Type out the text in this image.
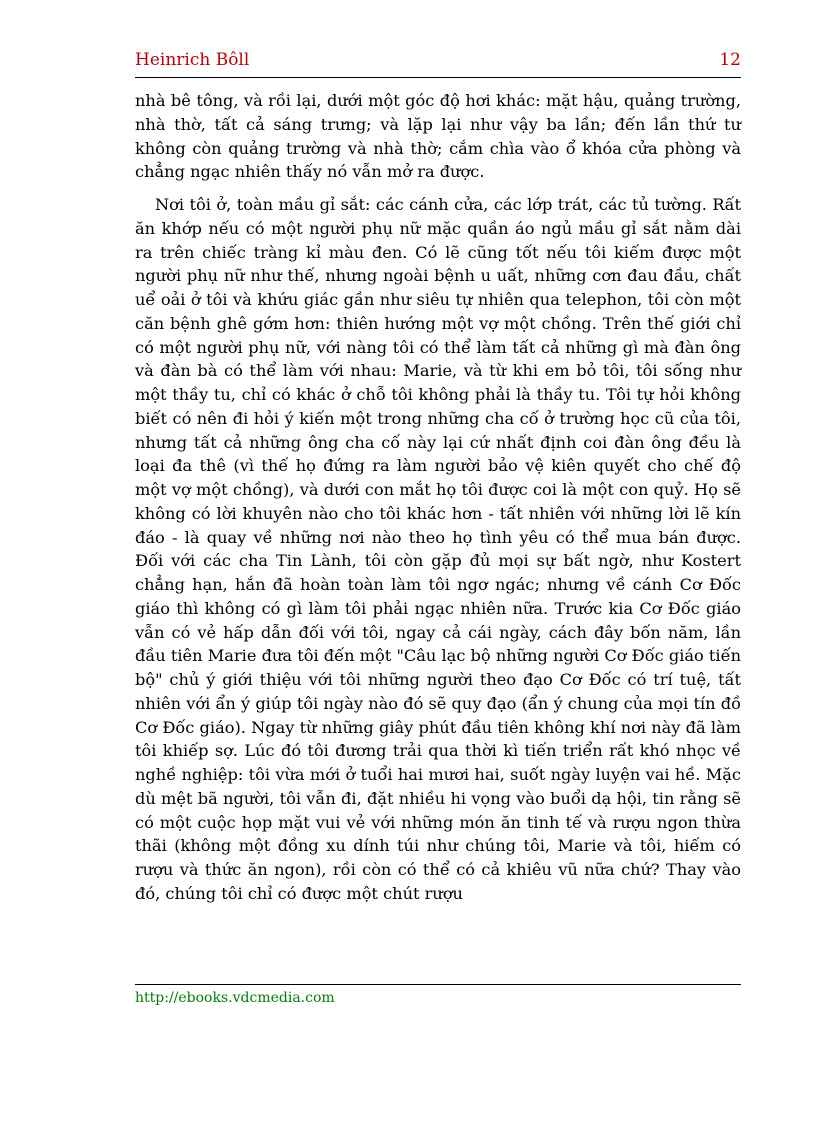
Heinrich Bôll	12

nhà bê tông, và rồi lại, dưới một góc độ hơi khác: mặt hậu, quảng trường, nhà thờ, tất cả sáng trưng; và lặp lại như vậy ba lần; đến lần thứ tư không còn quảng trường và nhà thờ; cắm chìa vào ổ khóa cửa phòng và chẳng ngạc nhiên thấy nó vẫn mở ra được.

Nơi tôi ở, toàn mầu gỉ sắt: các cánh cửa, các lớp trát, các tủ tường. Rất ăn khớp nếu có một người phụ nữ mặc quần áo ngủ mầu gỉ sắt nằm dài ra trên chiếc tràng kỉ màu đen. Có lẽ cũng tốt nếu tôi kiếm được một người phụ nữ như thế, nhưng ngoài bệnh u uất, những cơn đau đầu, chất uể oải ở tôi và khứu giác gần như siêu tự nhiên qua telephon, tôi còn một căn bệnh ghê gớm hơn: thiên hướng một vợ một chồng. Trên thế giới chỉ có một người phụ nữ, với nàng tôi có thể làm tất cả những gì mà đàn ông và đàn bà có thể làm với nhau: Marie, và từ khi em bỏ tôi, tôi sống như một thầy tu, chỉ có khác ở chỗ tôi không phải là thầy tu. Tôi tự hỏi không biết có nên đi hỏi ý kiến một trong những cha cố ở trường học cũ của tôi, nhưng tất cả những ông cha cố này lại cứ nhất định coi đàn ông đều là loại đa thê (vì thế họ đứng ra làm người bảo vệ kiên quyết cho chế độ một vợ một chồng), và dưới con mắt họ tôi được coi là một con quỷ. Họ sẽ không có lời khuyên nào cho tôi khác hơn - tất nhiên với những lời lẽ kín đáo - là quay về những nơi nào theo họ tình yêu có thể mua bán được. Đối với các cha Tin Lành, tôi còn gặp đủ mọi sự bất ngờ, như Kostert chẳng hạn, hắn đã hoàn toàn làm tôi ngơ ngác; nhưng về cánh Cơ Đốc giáo thì không có gì làm tôi phải ngạc nhiên nữa. Trước kia Cơ Đốc giáo vẫn có vẻ hấp dẫn đối với tôi, ngay cả cái ngày, cách đây bốn năm, lần đầu tiên Marie đưa tôi đến một "Câu lạc bộ những người Cơ Đốc giáo tiến bộ" chủ ý giới thiệu với tôi những người theo đạo Cơ Đốc có trí tuệ, tất nhiên với ẩn ý giúp tôi ngày nào đó sẽ quy đạo (ẩn ý chung của mọi tín đồ Cơ Đốc giáo). Ngay từ những giây phút đầu tiên không khí nơi này đã làm tôi khiếp sợ. Lúc đó tôi đương trải qua thời kì tiến triển rất khó nhọc về nghề nghiệp: tôi vừa mới ở tuổi hai mươi hai, suốt ngày luyện vai hề. Mặc dù mệt bã người, tôi vẫn đi, đặt nhiều hi vọng vào buổi dạ hội, tin rằng sẽ có một cuộc họp mặt vui vẻ với những món ăn tinh tế và rượu ngon thừa thãi (không một đồng xu dính túi như chúng tôi, Marie và tôi, hiếm có rượu và thức ăn ngon), rồi còn có thể có cả khiêu vũ nữa chứ? Thay vào đó, chúng tôi chỉ có được một chút rượu

http://ebooks.vdcmedia.com
